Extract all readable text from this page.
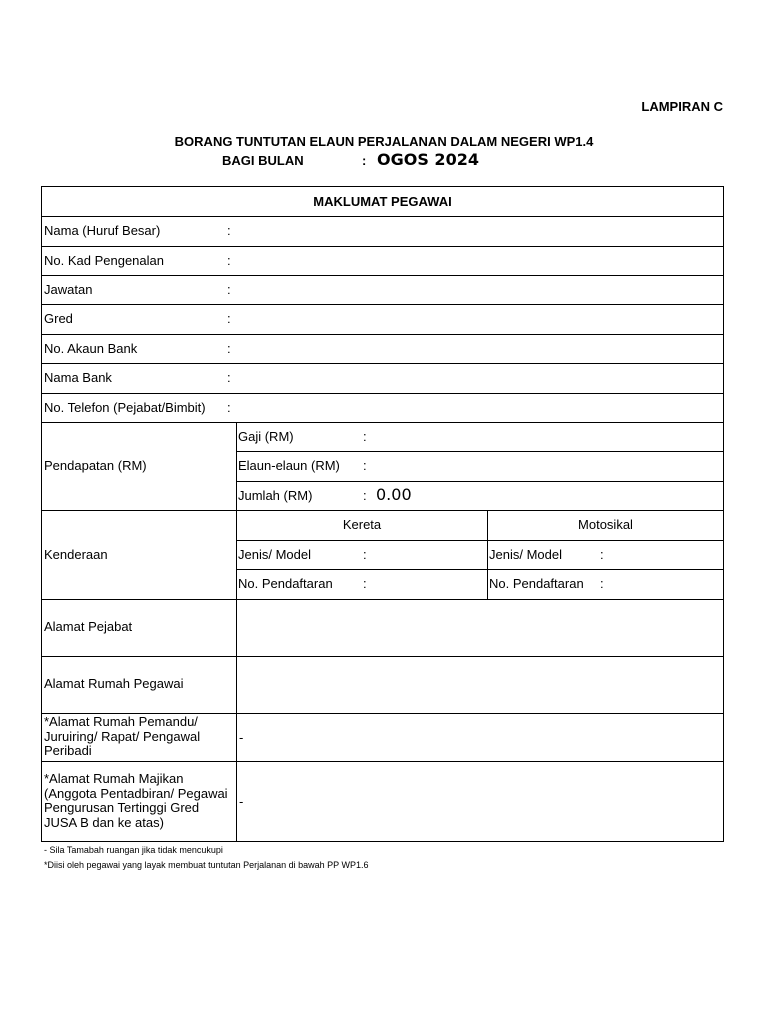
LAMPIRAN C
BORANG TUNTUTAN ELAUN PERJALANAN DALAM NEGERI WP1.4
BAGI BULAN	: OGOS 2024
MAKLUMAT PEGAWAI
Nama (Huruf Besar)	:
No. Kad Pengenalan	:
Jawatan	:
Gred	:
No. Akaun Bank	:
Nama Bank	:
No. Telefon (Pejabat/Bimbit) :
Pendapatan (RM)
Gaji (RM)	:
Elaun-elaun (RM) :
Jumlah (RM)	: 0.00
Kenderaan
Kereta	Motosikal
Jenis/ Model	:	Jenis/ Model	:
No. Pendaftaran :	No. Pendaftaran :
Alamat Pejabat
Alamat Rumah Pegawai
*Alamat Rumah Pemandu/ Juruiring/ Rapat/ Pengawal Peribadi
-
*Alamat Rumah Majikan (Anggota Pentadbiran/ Pegawai Pengurusan Tertinggi Gred JUSA B dan ke atas)
-
- Sila Tamabah ruangan jika tidak mencukupi
*Diisi oleh pegawai yang layak membuat tuntutan Perjalanan di bawah PP WP1.6
